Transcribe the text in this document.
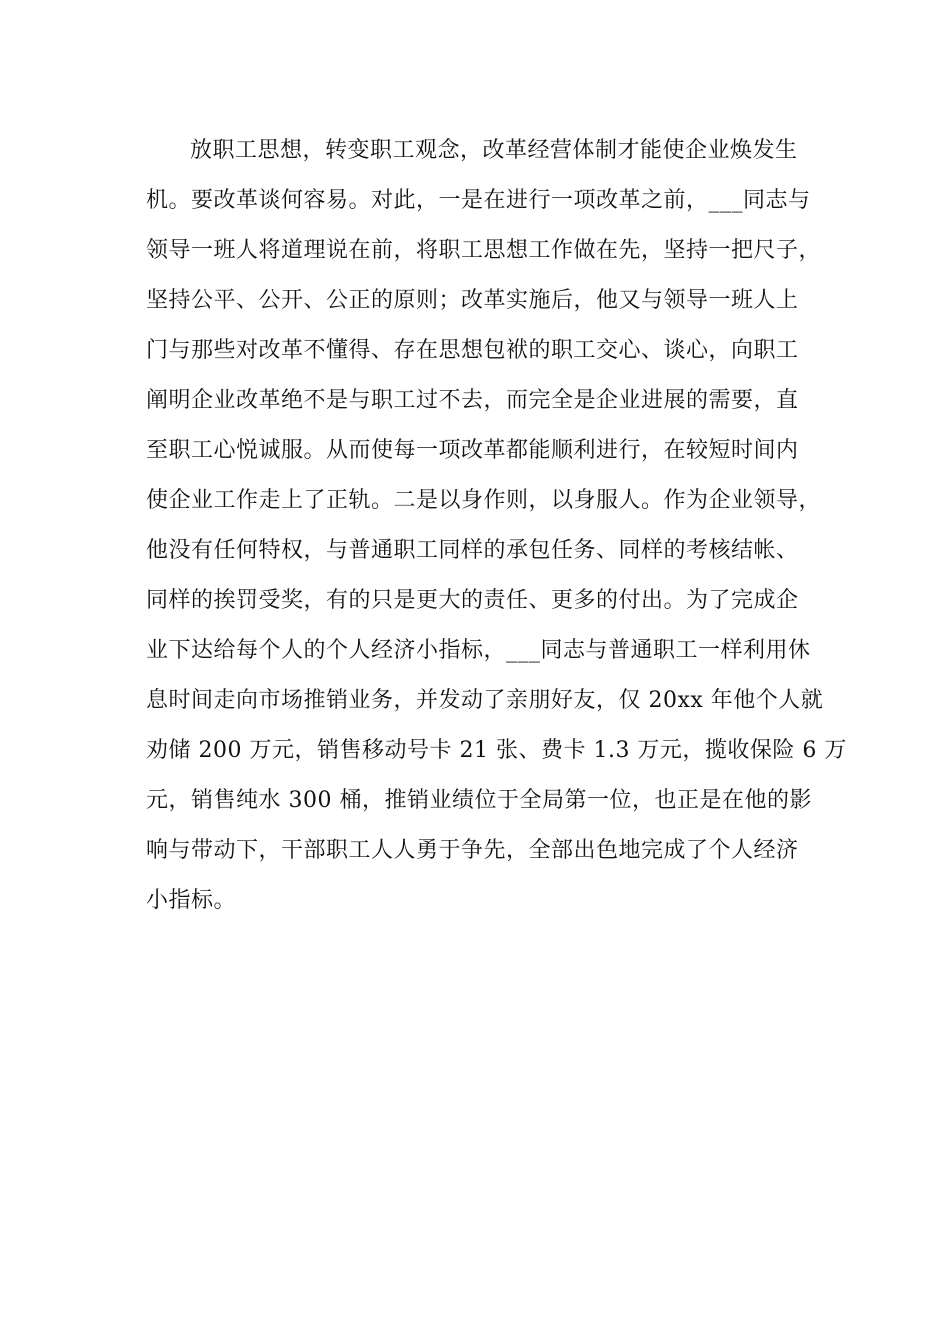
放职工思想，转变职工观念，改革经营体制才能使企业焕发生
机。要改革谈何容易。对此，一是在进行一项改革之前，___同志与
领导一班人将道理说在前，将职工思想工作做在先，坚持一把尺子，
坚持公平、公开、公正的原则；改革实施后，他又与领导一班人上
门与那些对改革不懂得、存在思想包袱的职工交心、谈心，向职工
阐明企业改革绝不是与职工过不去，而完全是企业进展的需要，直
至职工心悦诚服。从而使每一项改革都能顺利进行，在较短时间内
使企业工作走上了正轨。二是以身作则，以身服人。作为企业领导，
他没有任何特权，与普通职工同样的承包任务、同样的考核结帐、
同样的挨罚受奖，有的只是更大的责任、更多的付出。为了完成企
业下达给每个人的个人经济小指标，___同志与普通职工一样利用休
息时间走向市场推销业务，并发动了亲朋好友，仅 20xx 年他个人就
劝储 200 万元，销售移动号卡 21 张、费卡 1.3 万元，揽收保险 6 万
元，销售纯水 300 桶，推销业绩位于全局第一位，也正是在他的影
响与带动下，干部职工人人勇于争先，全部出色地完成了个人经济
小指标。
